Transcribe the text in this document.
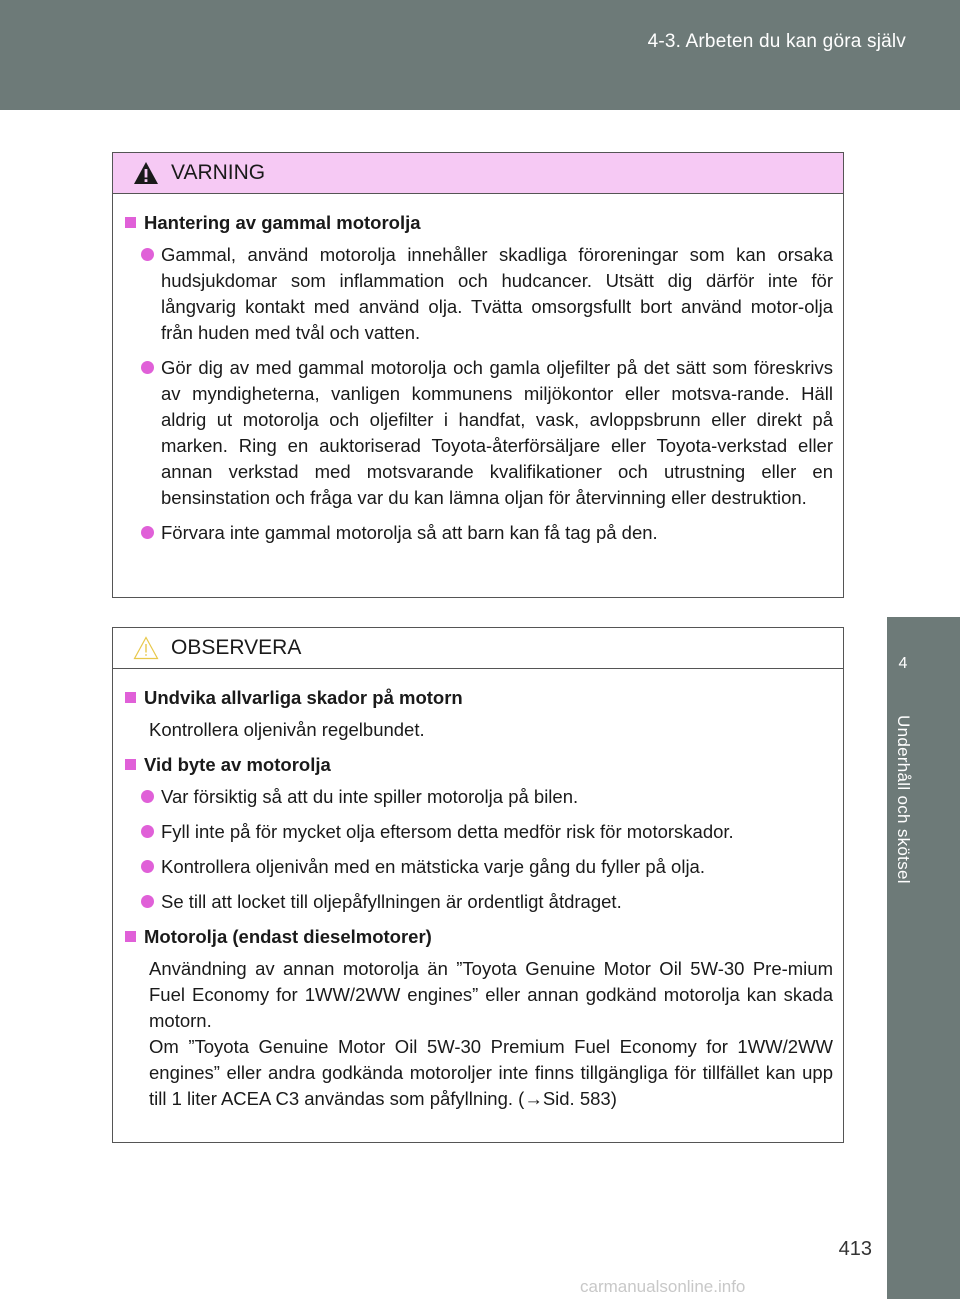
4-3. Arbeten du kan göra själv
4
Underhåll och skötsel
VARNING
Hantering av gammal motorolja
Gammal, använd motorolja innehåller skadliga föroreningar som kan orsaka hudsjukdomar som inflammation och hudcancer. Utsätt dig därför inte för långvarig kontakt med använd olja. Tvätta omsorgsfullt bort använd motor-olja från huden med tvål och vatten.
Gör dig av med gammal motorolja och gamla oljefilter på det sätt som föreskrivs av myndigheterna, vanligen kommunens miljökontor eller motsva-rande. Häll aldrig ut motorolja och oljefilter i handfat, vask, avloppsbrunn eller direkt på marken. Ring en auktoriserad Toyota-återförsäljare eller Toyota-verkstad eller annan verkstad med motsvarande kvalifikationer och utrustning eller en bensinstation och fråga var du kan lämna oljan för återvinning eller destruktion.
Förvara inte gammal motorolja så att barn kan få tag på den.
OBSERVERA
Undvika allvarliga skador på motorn
Kontrollera oljenivån regelbundet.
Vid byte av motorolja
Var försiktig så att du inte spiller motorolja på bilen.
Fyll inte på för mycket olja eftersom detta medför risk för motorskador.
Kontrollera oljenivån med en mätsticka varje gång du fyller på olja.
Se till att locket till oljepåfyllningen är ordentligt åtdraget.
Motorolja (endast dieselmotorer)
Användning av annan motorolja än ”Toyota Genuine Motor Oil 5W-30 Pre-mium Fuel Economy for 1WW/2WW engines” eller annan godkänd motorolja kan skada motorn.
Om ”Toyota Genuine Motor Oil 5W-30 Premium Fuel Economy for 1WW/2WW engines” eller andra godkända motoroljer inte finns tillgängliga för tillfället kan upp till 1 liter ACEA C3 användas som påfyllning. (→Sid. 583)
413
carmanualsonline.info
